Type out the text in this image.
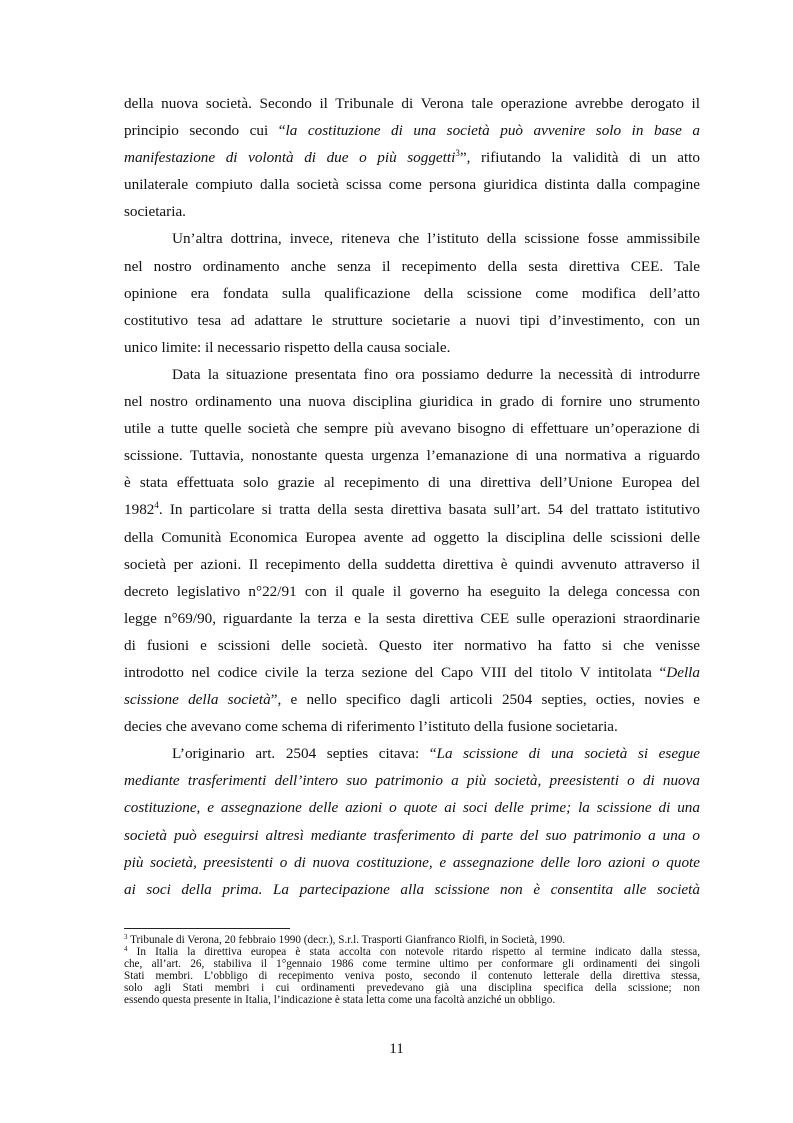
della nuova società. Secondo il Tribunale di Verona tale operazione avrebbe derogato il
principio secondo cui “la costituzione di una società può avvenire solo in base a
manifestazione di volontà di due o più soggetti$^3$”, rifiutando la validità di un atto
unilaterale compiuto dalla società scissa come persona giuridica distinta dalla compagine
societaria.
Un’altra dottrina, invece, riteneva che l’istituto della scissione fosse ammissibile
nel nostro ordinamento anche senza il recepimento della sesta direttiva CEE. Tale
opinione era fondata sulla qualificazione della scissione come modifica dell’atto
costitutivo tesa ad adattare le strutture societarie a nuovi tipi d’investimento, con un
unico limite: il necessario rispetto della causa sociale.
Data la situazione presentata fino ora possiamo dedurre la necessità di introdurre
nel nostro ordinamento una nuova disciplina giuridica in grado di fornire uno strumento
utile a tutte quelle società che sempre più avevano bisogno di effettuare un’operazione di
scissione. Tuttavia, nonostante questa urgenza l’emanazione di una normativa a riguardo
è stata effettuata solo grazie al recepimento di una direttiva dell’Unione Europea del
1982$^4$. In particolare si tratta della sesta direttiva basata sull’art. 54 del trattato istitutivo
della Comunità Economica Europea avente ad oggetto la disciplina delle scissioni delle
società per azioni. Il recepimento della suddetta direttiva è quindi avvenuto attraverso il
decreto legislativo n°22/91 con il quale il governo ha eseguito la delega concessa con
legge n°69/90, riguardante la terza e la sesta direttiva CEE sulle operazioni straordinarie
di fusioni e scissioni delle società. Questo iter normativo ha fatto si che venisse
introdotto nel codice civile la terza sezione del Capo VIII del titolo V intitolata “Della
scissione della società”, e nello specifico dagli articoli 2504 septies, octies, novies e
decies che avevano come schema di riferimento l’istituto della fusione societaria.
L’originario art. 2504 septies citava: “La scissione di una società si esegue
mediante trasferimenti dell’intero suo patrimonio a più società, preesistenti o di nuova
costituzione, e assegnazione delle azioni o quote ai soci delle prime; la scissione di una
società può eseguirsi altresì mediante trasferimento di parte del suo patrimonio a una o
più società, preesistenti o di nuova costituzione, e assegnazione delle loro azioni o quote
ai soci della prima. La partecipazione alla scissione non è consentita alle società
$^3$ Tribunale di Verona, 20 febbraio 1990 (decr.), S.r.l. Trasporti Gianfranco Riolfi, in Società, 1990.
$^4$ In Italia la direttiva europea è stata accolta con notevole ritardo rispetto al termine indicato dalla stessa,
che, all’art. 26, stabiliva il 1°gennaio 1986 come termine ultimo per conformare gli ordinamenti dei singoli
Stati membri. L’obbligo di recepimento veniva posto, secondo il contenuto letterale della direttiva stessa,
solo agli Stati membri i cui ordinamenti prevedevano già una disciplina specifica della scissione; non
essendo questa presente in Italia, l’indicazione è stata letta come una facoltà anziché un obbligo.
11
